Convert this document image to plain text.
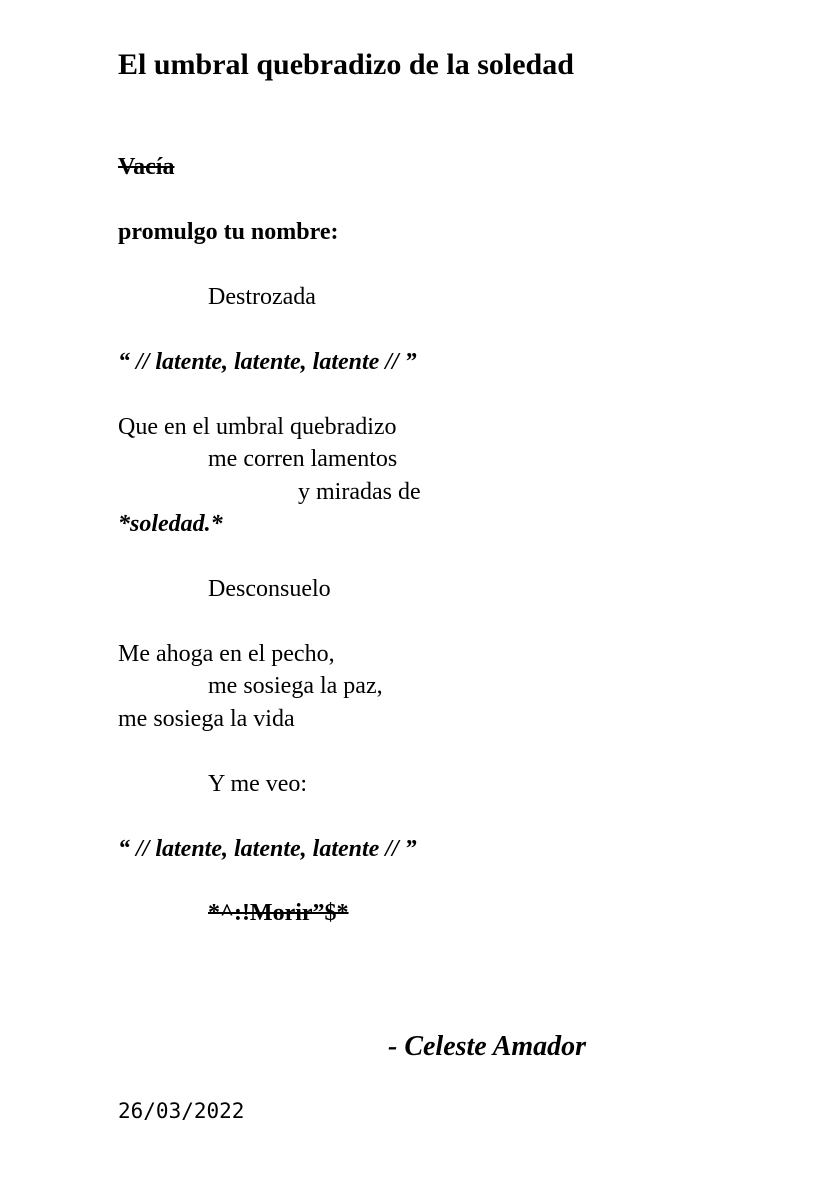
El umbral quebradizo de la soledad
Vacía
promulgo tu nombre:
Destrozada
“ // latente, latente, latente // ”
Que en el umbral quebradizo
me corren lamentos
y miradas de
*soledad.*
Desconsuelo
Me ahoga en el pecho,
me sosiega la paz,
me sosiega la vida
Y me veo:
“ // latente, latente, latente // ”
*^:!Morir”$*
- Celeste Amador
26/03/2022
